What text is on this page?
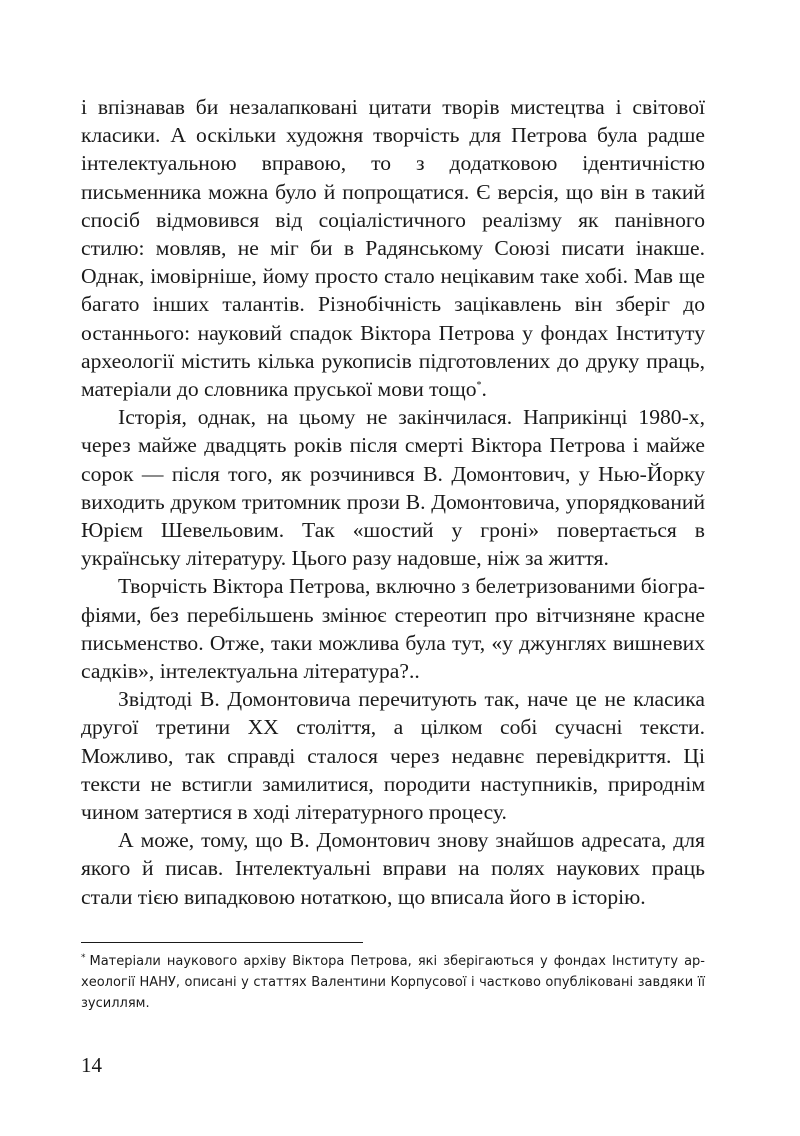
і впізнавав би незалапковані цитати творів мистецтва і світової класики. А оскільки художня творчість для Петрова була радше інтелектуальною вправою, то з додатковою ідентичністю письменника можна було й попрощатися. Є версія, що він в такий спосіб відмовився від соціалістичного реалізму як панівного стилю: мовляв, не міг би в Радянському Союзі писати інакше. Однак, імовірніше, йому просто стало нецікавим таке хобі. Мав ще багато інших талантів. Різнобічність зацікавлень він зберіг до останнього: науковий спадок Віктора Петрова у фондах Інституту археології містить кілька рукописів підготовлених до друку праць, матеріали до словника пруської мови тощо*.

Історія, однак, на цьому не закінчилася. Наприкінці 1980-х, через майже двадцять років після смерті Віктора Петрова і майже сорок — після того, як розчинився В. Домонтович, у Нью-Йорку виходить друком тритомник прози В. Домонтовича, упорядкований Юрієм Шевельовим. Так «шостий у гроні» повертається в українську літературу. Цього разу надовше, ніж за життя.

Творчість Віктора Петрова, включно з белетризованими біографіями, без перебільшень змінює стереотип про вітчизняне красне письменство. Отже, таки можлива була тут, «у джунглях вишневих садків», інтелектуальна література?..

Звідтоді В. Домонтовича перечитують так, наче це не класика другої третини ХХ століття, а цілком собі сучасні тексти. Можливо, так справді сталося через недавнє перевідкриття. Ці тексти не встигли замилитися, породити наступників, природнім чином затертися в ході літературного процесу.

А може, тому, що В. Домонтович знову знайшов адресата, для якого й писав. Інтелектуальні вправи на полях наукових праць стали тією випадковою нотаткою, що вписала його в історію.

* Матеріали наукового архіву Віктора Петрова, які зберігаються у фондах Інституту археології НАНУ, описані у статтях Валентини Корпусової і частково опубліковані завдяки її зусиллям.
14
